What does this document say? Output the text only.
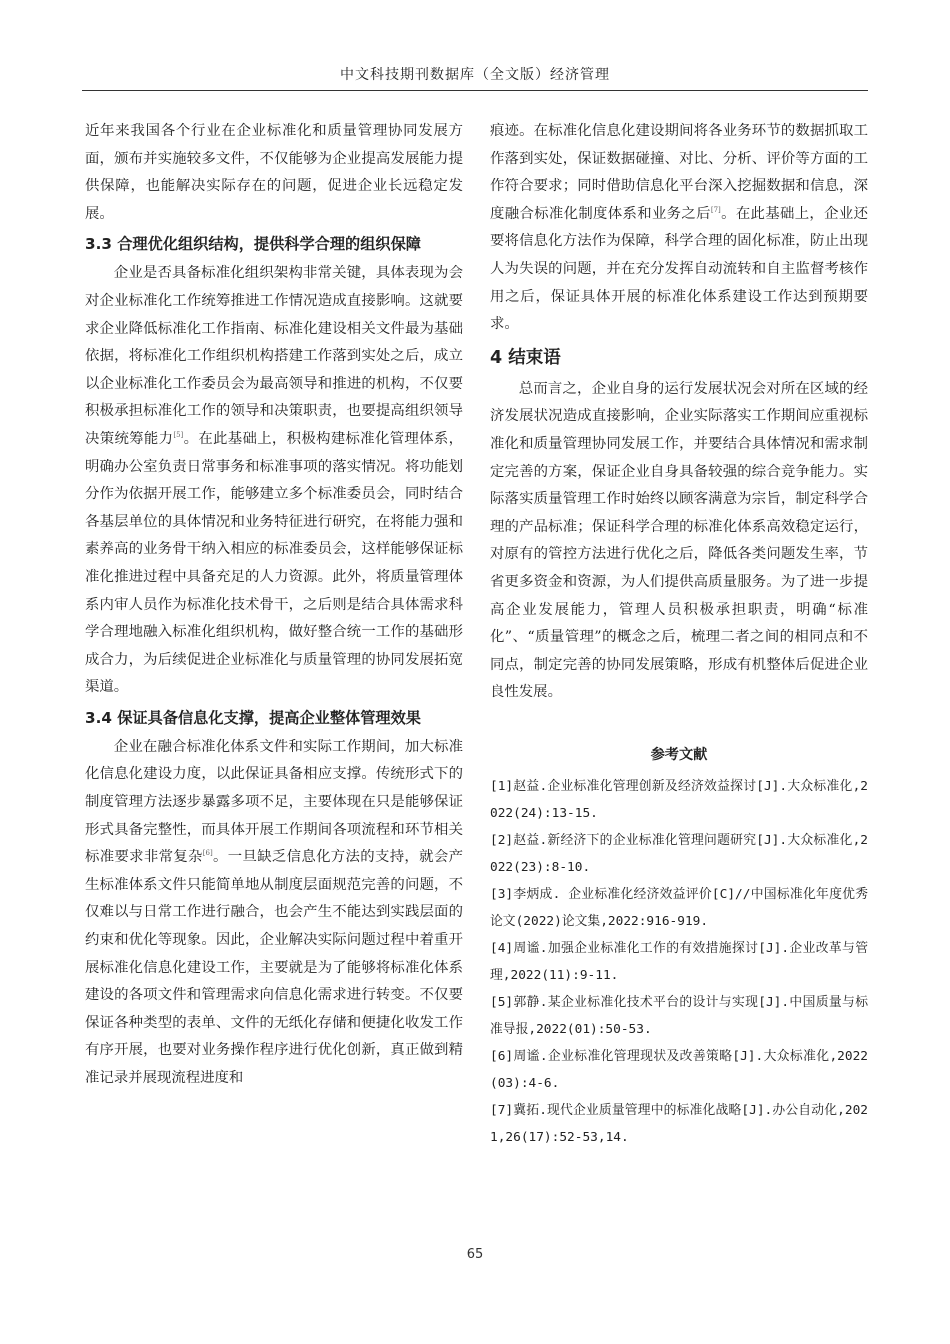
中文科技期刊数据库（全文版）经济管理

近年来我国各个行业在企业标准化和质量管理协同发展方面，颁布并实施较多文件，不仅能够为企业提高发展能力提供保障，也能解决实际存在的问题，促进企业长远稳定发展。

3.3 合理优化组织结构，提供科学合理的组织保障

企业是否具备标准化组织架构非常关键，具体表现为会对企业标准化工作统筹推进工作情况造成直接影响。这就要求企业降低标准化工作指南、标准化建设相关文件最为基础依据，将标准化工作组织机构搭建工作落到实处之后，成立以企业标准化工作委员会为最高领导和推进的机构，不仅要积极承担标准化工作的领导和决策职责，也要提高组织领导决策统筹能力[5]。在此基础上，积极构建标准化管理体系，明确办公室负责日常事务和标准事项的落实情况。将功能划分作为依据开展工作，能够建立多个标准委员会，同时结合各基层单位的具体情况和业务特征进行研究，在将能力强和素养高的业务骨干纳入相应的标准委员会，这样能够保证标准化推进过程中具备充足的人力资源。此外，将质量管理体系内审人员作为标准化技术骨干，之后则是结合具体需求科学合理地融入标准化组织机构，做好整合统一工作的基础形成合力，为后续促进企业标准化与质量管理的协同发展拓宽渠道。

3.4 保证具备信息化支撑，提高企业整体管理效果

企业在融合标准化体系文件和实际工作期间，加大标准化信息化建设力度，以此保证具备相应支撑。传统形式下的制度管理方法逐步暴露多项不足，主要体现在只是能够保证形式具备完整性，而具体开展工作期间各项流程和环节相关标准要求非常复杂[6]。一旦缺乏信息化方法的支持，就会产生标准体系文件只能简单地从制度层面规范完善的问题，不仅难以与日常工作进行融合，也会产生不能达到实践层面的约束和优化等现象。因此，企业解决实际问题过程中着重开展标准化信息化建设工作，主要就是为了能够将标准化体系建设的各项文件和管理需求向信息化需求进行转变。不仅要保证各种类型的表单、文件的无纸化存储和便捷化收发工作有序开展，也要对业务操作程序进行优化创新，真正做到精准记录并展现流程进度和

痕迹。在标准化信息化建设期间将各业务环节的数据抓取工作落到实处，保证数据碰撞、对比、分析、评价等方面的工作符合要求；同时借助信息化平台深入挖掘数据和信息，深度融合标准化制度体系和业务之后[7]。在此基础上，企业还要将信息化方法作为保障，科学合理的固化标准，防止出现人为失误的问题，并在充分发挥自动流转和自主监督考核作用之后，保证具体开展的标准化体系建设工作达到预期要求。

4 结束语

总而言之，企业自身的运行发展状况会对所在区域的经济发展状况造成直接影响，企业实际落实工作期间应重视标准化和质量管理协同发展工作，并要结合具体情况和需求制定完善的方案，保证企业自身具备较强的综合竞争能力。实际落实质量管理工作时始终以顾客满意为宗旨，制定科学合理的产品标准；保证科学合理的标准化体系高效稳定运行，对原有的管控方法进行优化之后，降低各类问题发生率，节省更多资金和资源，为人们提供高质量服务。为了进一步提高企业发展能力，管理人员积极承担职责，明确“标准化”、“质量管理”的概念之后，梳理二者之间的相同点和不同点，制定完善的协同发展策略，形成有机整体后促进企业良性发展。

参考文献
[1]赵益.企业标准化管理创新及经济效益探讨[J].大众标准化,2022(24):13-15.
[2]赵益.新经济下的企业标准化管理问题研究[J].大众标准化,2022(23):8-10.
[3]李炳成. 企业标准化经济效益评价[C]//中国标准化年度优秀论文(2022)论文集,2022:916-919.
[4]周谧.加强企业标准化工作的有效措施探讨[J].企业改革与管理,2022(11):9-11.
[5]郭静.某企业标准化技术平台的设计与实现[J].中国质量与标准导报,2022(01):50-53.
[6]周谧.企业标准化管理现状及改善策略[J].大众标准化,2022(03):4-6.
[7]冀拓.现代企业质量管理中的标准化战略[J].办公自动化,2021,26(17):52-53,14.
65
